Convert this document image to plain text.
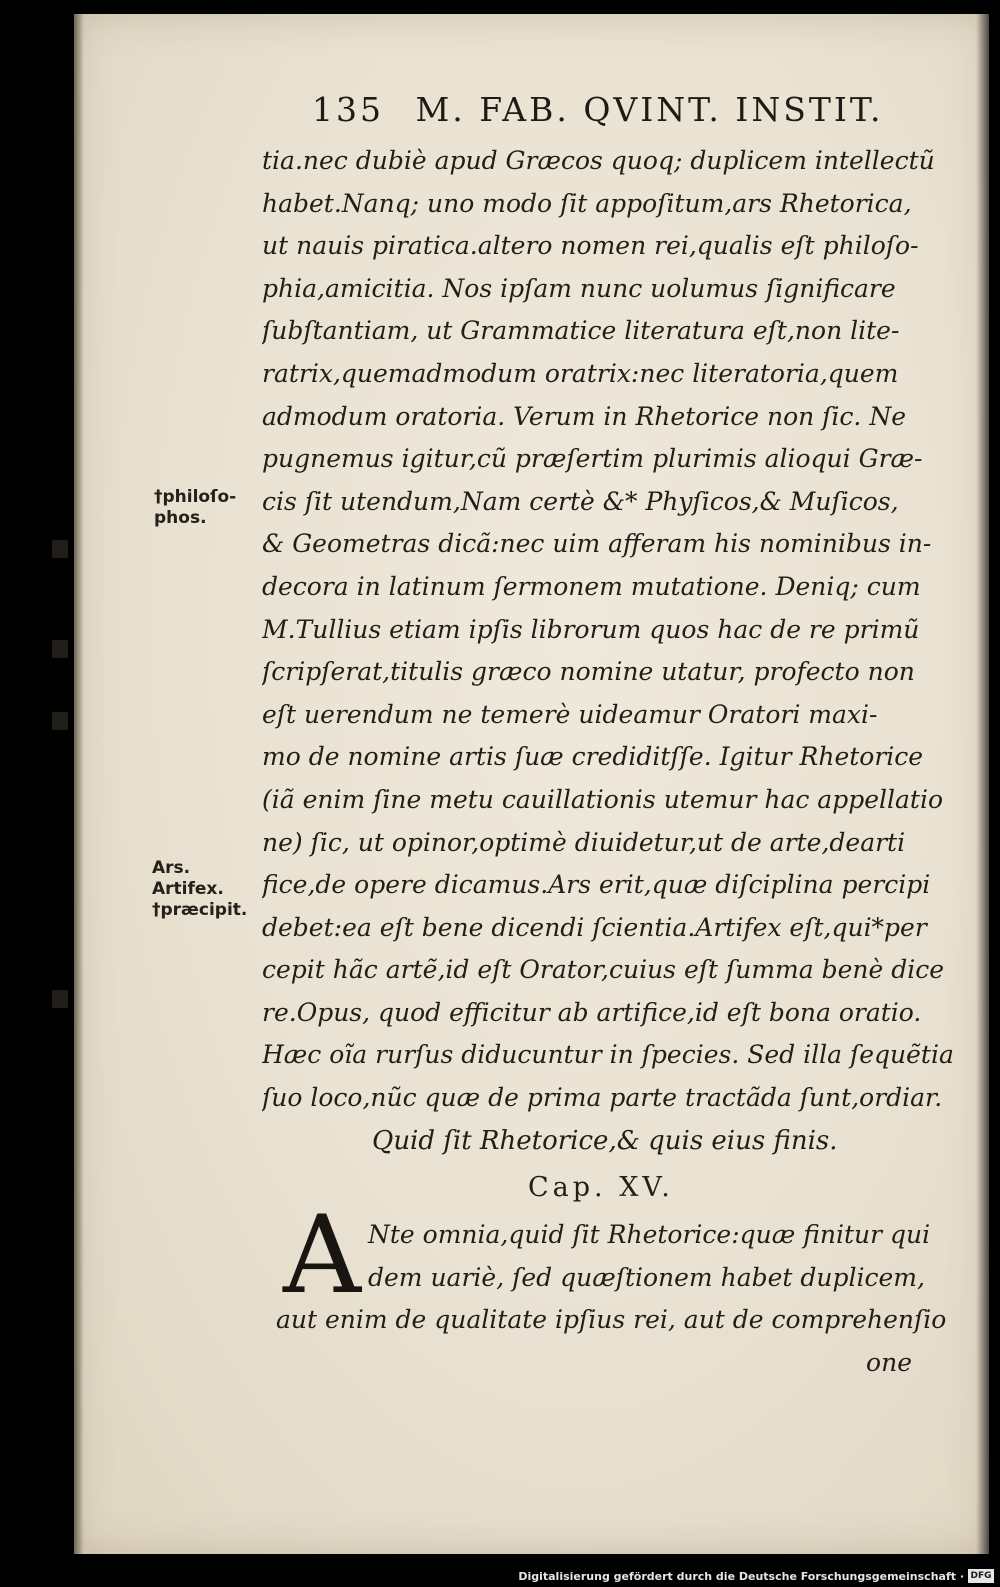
135 M. FAB. QVINT. INSTIT.
tia.nec dubiè apud Græcos quoq; duplicem intellectũ
habet.Nanq; uno modo ſit appoſitum,ars Rhetorica,
ut nauis piratica.altero nomen rei,qualis eſt philoſo-
phia,amicitia. Nos ipſam nunc uolumus ſignificare
ſubſtantiam, ut Grammatice literatura eſt,non lite-
ratrix,quemadmodum oratrix:nec literatoria,quem
admodum oratoria. Verum in Rhetorice non ſic. Ne
pugnemus igitur,cũ præſertim plurimis alioqui Græ-
cis ſit utendum,Nam certè &* Phyſicos,& Muſicos,
& Geometras dicã:nec uim afferam his nominibus in-
decora in latinum ſermonem mutatione. Deniq; cum
M.Tullius etiam ipſis librorum quos hac de re primũ
ſcripſerat,titulis græco nomine utatur, profecto non
eſt uerendum ne temerè uideamur Oratori maxi-
mo de nomine artis ſuæ crediditſſe. Igitur Rhetorice
(iã enim ſine metu cauillationis utemur hac appellatio
ne) ſic, ut opinor,optimè diuidetur,ut de arte,dearti
fice,de opere dicamus.Ars erit,quæ diſciplina percipi
debet:ea eſt bene dicendi ſcientia.Artifex eſt,qui*per
cepit hãc artẽ,id eſt Orator,cuius eſt ſumma benè dice
re.Opus, quod efficitur ab artifice,id eſt bona oratio.
Hæc oĩa rurſus diducuntur in ſpecies. Sed illa ſequẽtia
ſuo loco,nũc quæ de prima parte tractãda ſunt,ordiar.
Quid ſit Rhetorice,& quis eius finis.
Cap. XV.
A Nte omnia,quid ſit Rhetorice:quæ finitur qui
dem uariè, ſed quæſtionem habet duplicem,
aut enim de qualitate ipſius rei, aut de comprehenſio
one
†philoſo-
phos.
Ars.
Artifex.
†præcipit.
Digitalisierung gefördert durch die Deutsche Forschungsgemeinschaft · DFG
